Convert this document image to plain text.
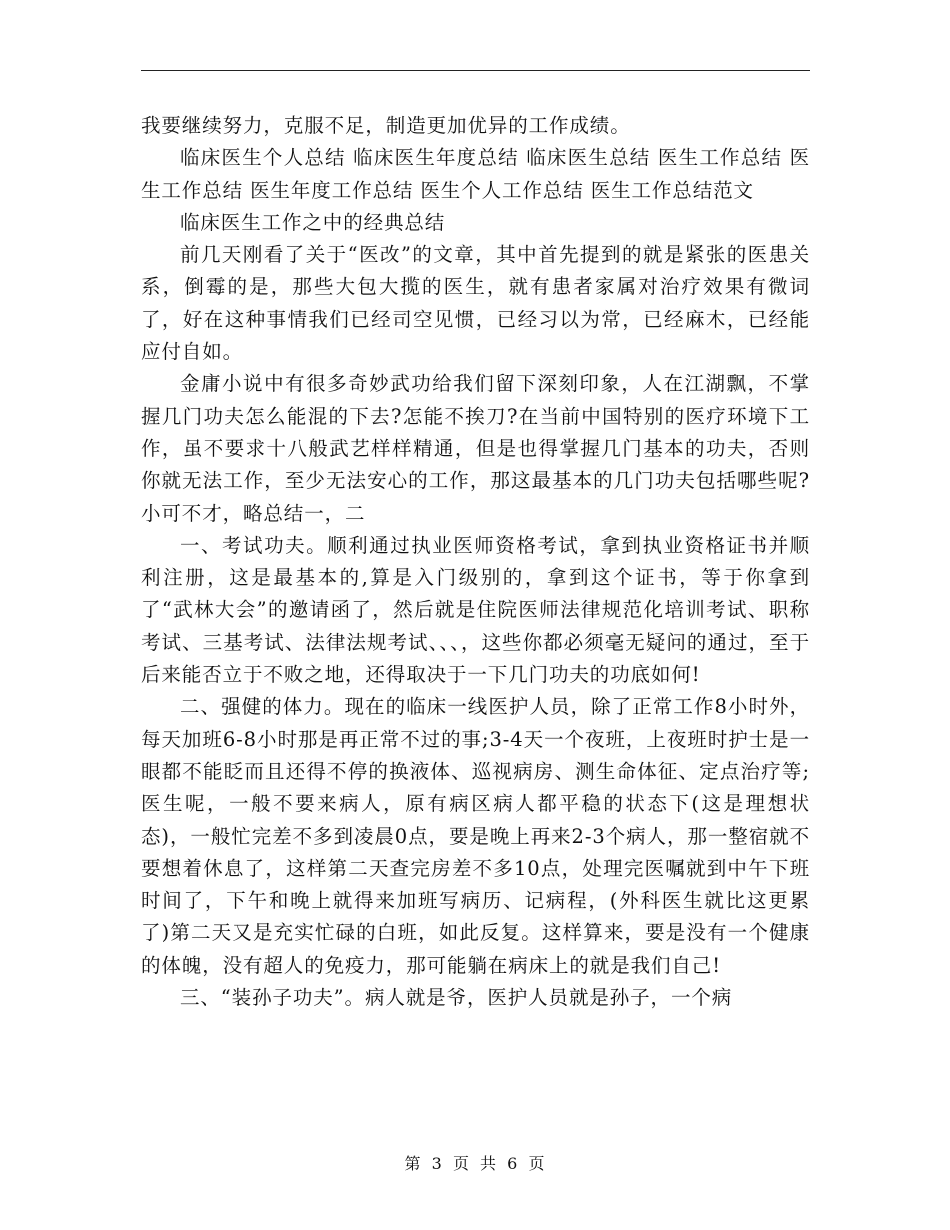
我要继续努力，克服不足，制造更加优异的工作成绩。

临床医生个人总结 临床医生年度总结 临床医生总结 医生工作总结 医生工作总结 医生年度工作总结 医生个人工作总结 医生工作总结范文

临床医生工作之中的经典总结

前几天刚看了关于“医改”的文章，其中首先提到的就是紧张的医患关系，倒霉的是，那些大包大揽的医生，就有患者家属对治疗效果有微词了，好在这种事情我们已经司空见惯，已经习以为常，已经麻木，已经能应付自如。

金庸小说中有很多奇妙武功给我们留下深刻印象，人在江湖飘，不掌握几门功夫怎么能混的下去?怎能不挨刀?在当前中国特别的医疗环境下工作，虽不要求十八般武艺样样精通，但是也得掌握几门基本的功夫，否则你就无法工作，至少无法安心的工作，那这最基本的几门功夫包括哪些呢?小可不才，略总结一，二

一、考试功夫。顺利通过执业医师资格考试，拿到执业资格证书并顺利注册，这是最基本的,算是入门级别的，拿到这个证书，等于你拿到了“武林大会”的邀请函了，然后就是住院医师法律规范化培训考试、职称考试、三基考试、法律法规考试、、、，这些你都必须毫无疑问的通过，至于后来能否立于不败之地，还得取决于一下几门功夫的功底如何!

二、强健的体力。现在的临床一线医护人员，除了正常工作8小时外，每天加班6-8小时那是再正常不过的事;3-4天一个夜班，上夜班时护士是一眼都不能眨而且还得不停的换液体、巡视病房、测生命体征、定点治疗等;医生呢，一般不要来病人，原有病区病人都平稳的状态下(这是理想状态)，一般忙完差不多到凌晨0点，要是晚上再来2-3个病人，那一整宿就不要想着休息了，这样第二天查完房差不多10点，处理完医嘱就到中午下班时间了，下午和晚上就得来加班写病历、记病程，(外科医生就比这更累了)第二天又是充实忙碌的白班，如此反复。这样算来，要是没有一个健康的体魄，没有超人的免疫力，那可能躺在病床上的就是我们自己!

三、“装孙子功夫”。病人就是爷，医护人员就是孙子，一个病

第 3 页 共 6 页
